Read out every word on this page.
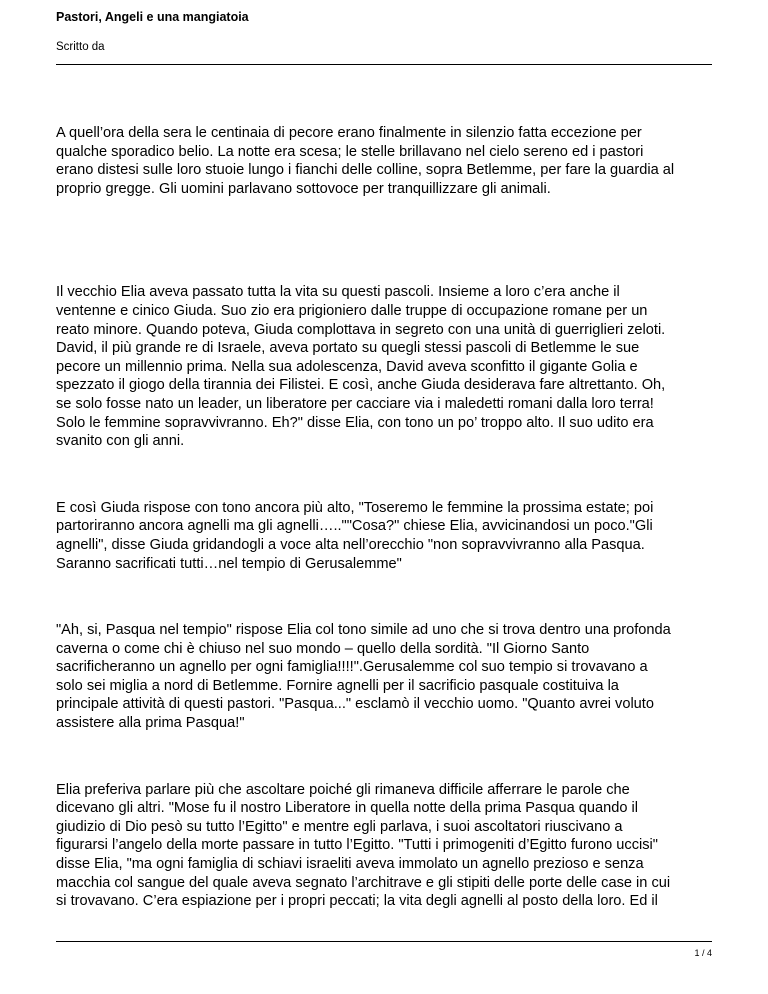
Pastori, Angeli e una mangiatoia
Scritto da

A quell’ora della sera le centinaia di pecore erano finalmente in silenzio fatta eccezione per
qualche sporadico belio. La notte era scesa; le stelle brillavano nel cielo sereno ed i pastori
erano distesi sulle loro stuoie lungo i fianchi delle colline, sopra Betlemme, per fare la guardia al
proprio gregge. Gli uomini parlavano sottovoce per tranquillizzare gli animali.

Il vecchio Elia aveva passato tutta la vita su questi pascoli. Insieme a loro c’era anche il
ventenne e cinico Giuda. Suo zio era prigioniero dalle truppe di occupazione romane per un
reato minore. Quando poteva, Giuda complottava in segreto con una unità di guerriglieri zeloti.
David, il più grande re di Israele, aveva portato su quegli stessi pascoli di Betlemme le sue
pecore un millennio prima. Nella sua adolescenza, David aveva sconfitto il gigante Golia e
spezzato il giogo della tirannia dei Filistei. E così, anche Giuda desiderava fare altrettanto. Oh,
se solo fosse nato un leader, un liberatore per cacciare via i maledetti romani dalla loro terra!
Solo le femmine sopravvivranno. Eh?" disse Elia, con tono un po’ troppo alto. Il suo udito era
svanito con gli anni.

E così Giuda rispose con tono ancora più alto, "Toseremo le femmine la prossima estate; poi
partoriranno ancora agnelli ma gli agnelli…..""Cosa?" chiese Elia, avvicinandosi un poco."Gli
agnelli", disse Giuda gridandogli a voce alta nell’orecchio "non sopravvivranno alla Pasqua.
Saranno sacrificati tutti…nel tempio di Gerusalemme"

"Ah, si, Pasqua nel tempio" rispose Elia col tono simile ad uno che si trova dentro una profonda
caverna o come chi è chiuso nel suo mondo – quello della sordità. "Il Giorno Santo
sacrificheranno un agnello per ogni famiglia!!!!".Gerusalemme col suo tempio si trovavano a
solo sei miglia a nord di Betlemme. Fornire agnelli per il sacrificio pasquale costituiva la
principale attività di questi pastori. "Pasqua..." esclamò il vecchio uomo. "Quanto avrei voluto
assistere alla prima Pasqua!"

Elia preferiva parlare più che ascoltare poiché gli rimaneva difficile afferrare le parole che
dicevano gli altri. "Mose fu il nostro Liberatore in quella notte della prima Pasqua quando il
giudizio di Dio pesò su tutto l’Egitto" e mentre egli parlava, i suoi ascoltatori riuscivano a
figurarsi l’angelo della morte passare in tutto l’Egitto. "Tutti i primogeniti d’Egitto furono uccisi"
disse Elia, "ma ogni famiglia di schiavi israeliti aveva immolato un agnello prezioso e senza
macchia col sangue del quale aveva segnato l’architrave e gli stipiti delle porte delle case in cui
si trovavano. C’era espiazione per i propri peccati; la vita degli agnelli al posto della loro. Ed il

1 / 4
